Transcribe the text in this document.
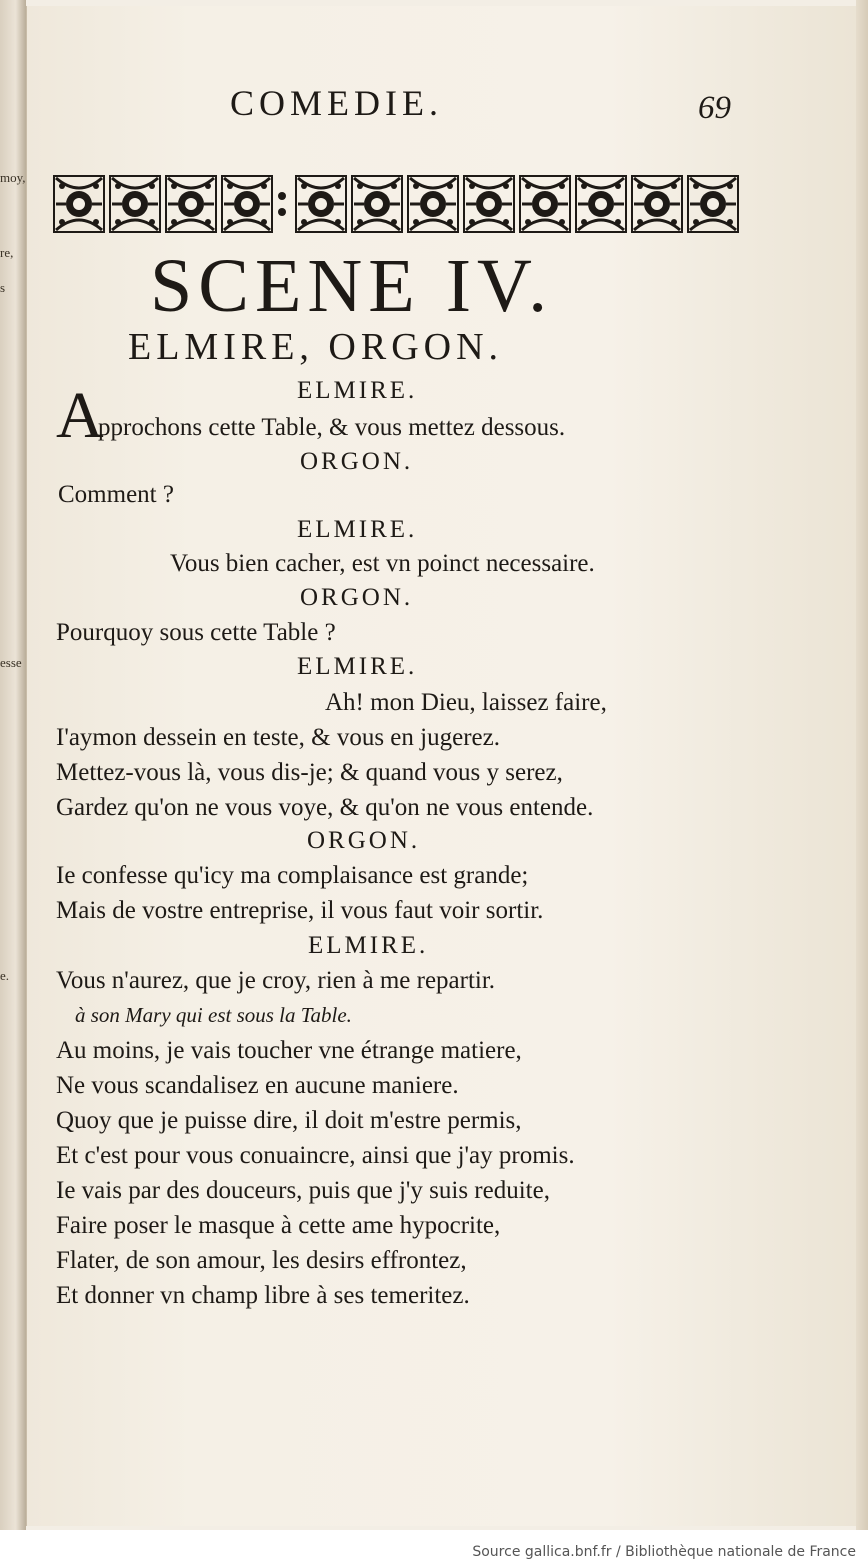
moy,
re,
s
esse
e.
COMEDIE.	69
SCENE IV.
ELMIRE, ORGON.
ELMIRE.
A
pprochons cette Table, & vous mettez dessous.
ORGON.
Comment ?
ELMIRE.
Vous bien cacher, est vn poinct necessaire.
ORGON.
Pourquoy sous cette Table ?
ELMIRE.
Ah! mon Dieu, laissez faire,
I'aymon dessein en teste, & vous en jugerez.
Mettez-vous là, vous dis-je; & quand vous y serez,
Gardez qu'on ne vous voye, & qu'on ne vous entende.
ORGON.
Ie confesse qu'icy ma complaisance est grande;
Mais de vostre entreprise, il vous faut voir sortir.
ELMIRE.
Vous n'aurez, que je croy, rien à me repartir.
à son Mary qui est sous la Table.
Au moins, je vais toucher vne étrange matiere,
Ne vous scandalisez en aucune maniere.
Quoy que je puisse dire, il doit m'estre permis,
Et c'est pour vous conuaincre, ainsi que j'ay promis.
Ie vais par des douceurs, puis que j'y suis reduite,
Faire poser le masque à cette ame hypocrite,
Flater, de son amour, les desirs effrontez,
Et donner vn champ libre à ses temeritez.
Source gallica.bnf.fr / Bibliothèque nationale de France
